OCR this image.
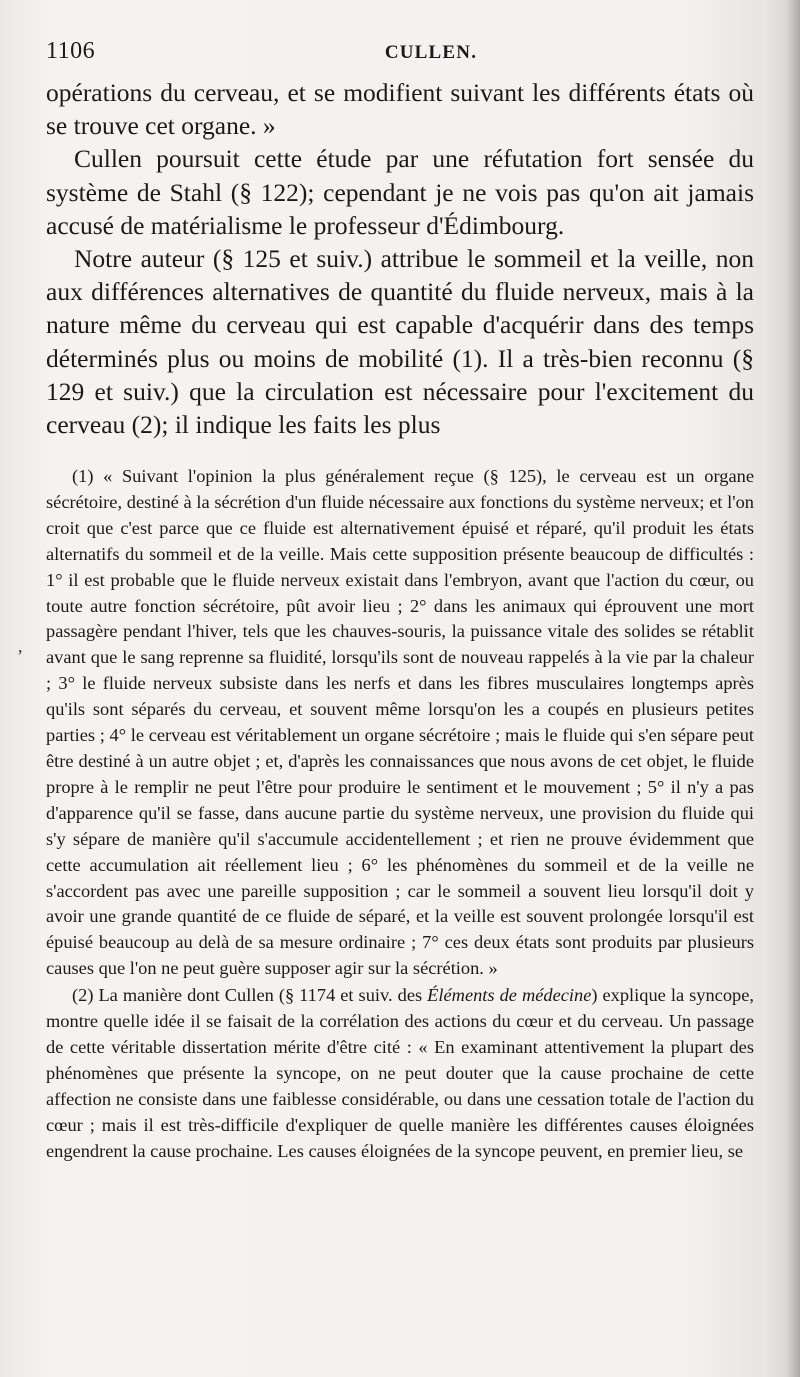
1106	CULLEN.

opérations du cerveau, et se modifient suivant les différents états où se trouve cet organe. »

Cullen poursuit cette étude par une réfutation fort sensée du système de Stahl (§ 122); cependant je ne vois pas qu'on ait jamais accusé de matérialisme le professeur d'Édimbourg.

Notre auteur (§ 125 et suiv.) attribue le sommeil et la veille, non aux différences alternatives de quantité du fluide nerveux, mais à la nature même du cerveau qui est capable d'acquérir dans des temps déterminés plus ou moins de mobilité (1). Il a très-bien reconnu (§ 129 et suiv.) que la circulation est nécessaire pour l'excitement du cerveau (2); il indique les faits les plus

(1) « Suivant l'opinion la plus généralement reçue (§ 125), le cerveau est un organe sécrétoire, destiné à la sécrétion d'un fluide nécessaire aux fonctions du système nerveux; et l'on croit que c'est parce que ce fluide est alternativement épuisé et réparé, qu'il produit les états alternatifs du sommeil et de la veille. Mais cette supposition présente beaucoup de difficultés : 1° il est probable que le fluide nerveux existait dans l'embryon, avant que l'action du cœur, ou toute autre fonction sécrétoire, pût avoir lieu ; 2° dans les animaux qui éprouvent une mort passagère pendant l'hiver, tels que les chauves-souris, la puissance vitale des solides se rétablit avant que le sang reprenne sa fluidité, lorsqu'ils sont de nouveau rappelés à la vie par la chaleur ; 3° le fluide nerveux subsiste dans les nerfs et dans les fibres musculaires longtemps après qu'ils sont séparés du cerveau, et souvent même lorsqu'on les a coupés en plusieurs petites parties ; 4° le cerveau est véritablement un organe sécrétoire ; mais le fluide qui s'en sépare peut être destiné à un autre objet ; et, d'après les connaissances que nous avons de cet objet, le fluide propre à le remplir ne peut l'être pour produire le sentiment et le mouvement ; 5° il n'y a pas d'apparence qu'il se fasse, dans aucune partie du système nerveux, une provision du fluide qui s'y sépare de manière qu'il s'accumule accidentellement ; et rien ne prouve évidemment que cette accumulation ait réellement lieu ; 6° les phénomènes du sommeil et de la veille ne s'accordent pas avec une pareille supposition ; car le sommeil a souvent lieu lorsqu'il doit y avoir une grande quantité de ce fluide de séparé, et la veille est souvent prolongée lorsqu'il est épuisé beaucoup au delà de sa mesure ordinaire ; 7° ces deux états sont produits par plusieurs causes que l'on ne peut guère supposer agir sur la sécrétion. »

(2) La manière dont Cullen (§ 1174 et suiv. des Éléments de médecine) explique la syncope, montre quelle idée il se faisait de la corrélation des actions du cœur et du cerveau. Un passage de cette véritable dissertation mérite d'être cité : « En examinant attentivement la plupart des phénomènes que présente la syncope, on ne peut douter que la cause prochaine de cette affection ne consiste dans une faiblesse considérable, ou dans une cessation totale de l'action du cœur ; mais il est très-difficile d'expliquer de quelle manière les différentes causes éloignées engendrent la cause prochaine. Les causes éloignées de la syncope peuvent, en premier lieu, se

,
